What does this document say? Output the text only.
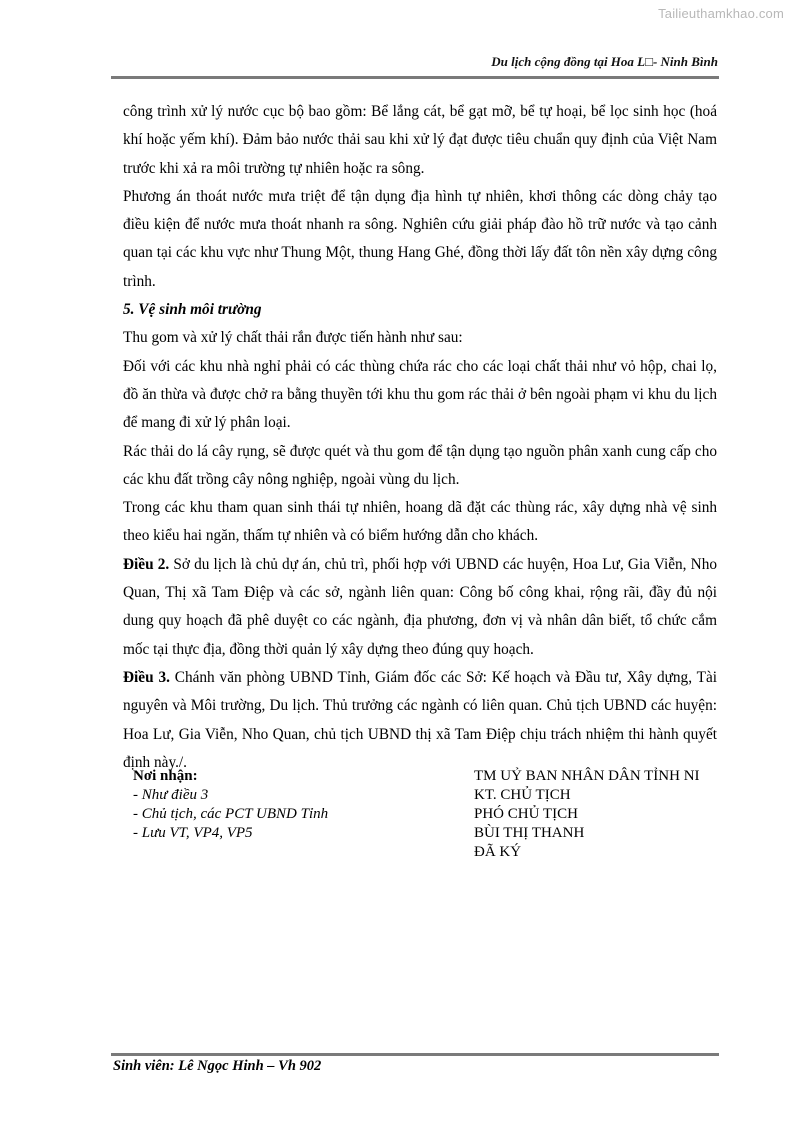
Tailieuthamkhao.com
Du lịch cộng đồng tại Hoa L□- Ninh Bình

công trình xử lý nước cục bộ bao gồm: Bể lắng cát, bể gạt mỡ, bể tự hoại, bể lọc sinh học (hoá khí hoặc yếm khí). Đảm bảo nước thải sau khi xử lý đạt được tiêu chuẩn quy định của Việt Nam trước khi xả ra môi trường tự nhiên hoặc ra sông.

Phương án thoát nước mưa triệt để tận dụng địa hình tự nhiên, khơi thông các dòng chảy tạo điều kiện để nước mưa thoát nhanh ra sông. Nghiên cứu giải pháp đào hồ trữ nước và tạo cảnh quan tại các khu vực như Thung Một, thung Hang Ghé, đồng thời lấy đất tôn nền xây dựng công trình.

5. Vệ sinh môi trường

Thu gom và xử lý chất thải rắn được tiến hành như sau:

Đối với các khu nhà nghỉ phải có các thùng chứa rác cho các loại chất thải như vỏ hộp, chai lọ, đồ ăn thừa và được chở ra bằng thuyền tới khu thu gom rác thải ở bên ngoài phạm vi khu du lịch để mang đi xử lý phân loại.

Rác thải do lá cây rụng, sẽ được quét và thu gom để tận dụng tạo nguồn phân xanh cung cấp cho các khu đất trồng cây nông nghiệp, ngoài vùng du lịch.

Trong các khu tham quan sinh thái tự nhiên, hoang dã đặt các thùng rác, xây dựng nhà vệ sinh theo kiểu hai ngăn, thấm tự nhiên và có biểm hướng dẫn cho khách.

Điều 2. Sở du lịch là chủ dự án, chủ trì, phối hợp với UBND các huyện, Hoa Lư, Gia Viễn, Nho Quan, Thị xã Tam Điệp và các sở, ngành liên quan: Công bố công khai, rộng rãi, đầy đủ nội dung quy hoạch đã phê duyệt co các ngành, địa phương, đơn vị và nhân dân biết, tổ chức cắm mốc tại thực địa, đồng thời quản lý xây dựng theo đúng quy hoạch.

Điều 3. Chánh văn phòng UBND Tỉnh, Giám đốc các Sở: Kế hoạch và Đầu tư, Xây dựng, Tài nguyên và Môi trường, Du lịch. Thủ trưởng các ngành có liên quan. Chủ tịch UBND các huyện: Hoa Lư, Gia Viễn, Nho Quan, chủ tịch UBND thị xã Tam Điệp chịu trách nhiệm thi hành quyết định này./.

Nơi nhận:
- Như điều 3
- Chủ tịch, các PCT UBND Tỉnh
- Lưu VT, VP4, VP5
TM UỶ BAN NHÂN DÂN TỈNH NI
KT. CHỦ TỊCH
PHÓ CHỦ TỊCH
BÙI THỊ THANH
ĐÃ KÝ
Sinh viên: Lê Ngọc Hinh – Vh 902
